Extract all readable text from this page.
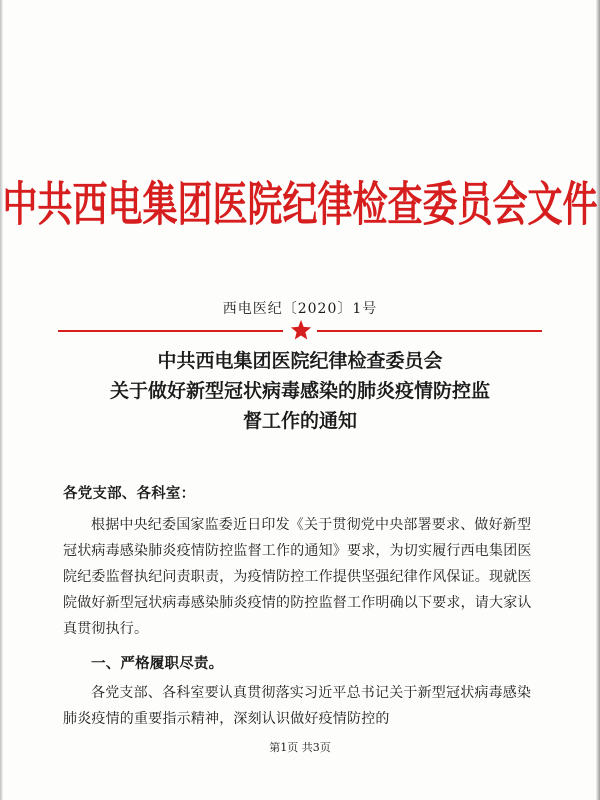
中共西电集团医院纪律检查委员会文件
西电医纪〔2020〕1号
中共西电集团医院纪律检查委员会
关于做好新型冠状病毒感染的肺炎疫情防控监
督工作的通知
各党支部、各科室：
根据中央纪委国家监委近日印发《关于贯彻党中央部署要求、做好新型冠状病毒感染肺炎疫情防控监督工作的通知》要求，为切实履行西电集团医院纪委监督执纪问责职责，为疫情防控工作提供坚强纪律作风保证。现就医院做好新型冠状病毒感染肺炎疫情的防控监督工作明确以下要求，请大家认真贯彻执行。
一、严格履职尽责。
各党支部、各科室要认真贯彻落实习近平总书记关于新型冠状病毒感染肺炎疫情的重要指示精神，深刻认识做好疫情防控的
第1页 共3页
